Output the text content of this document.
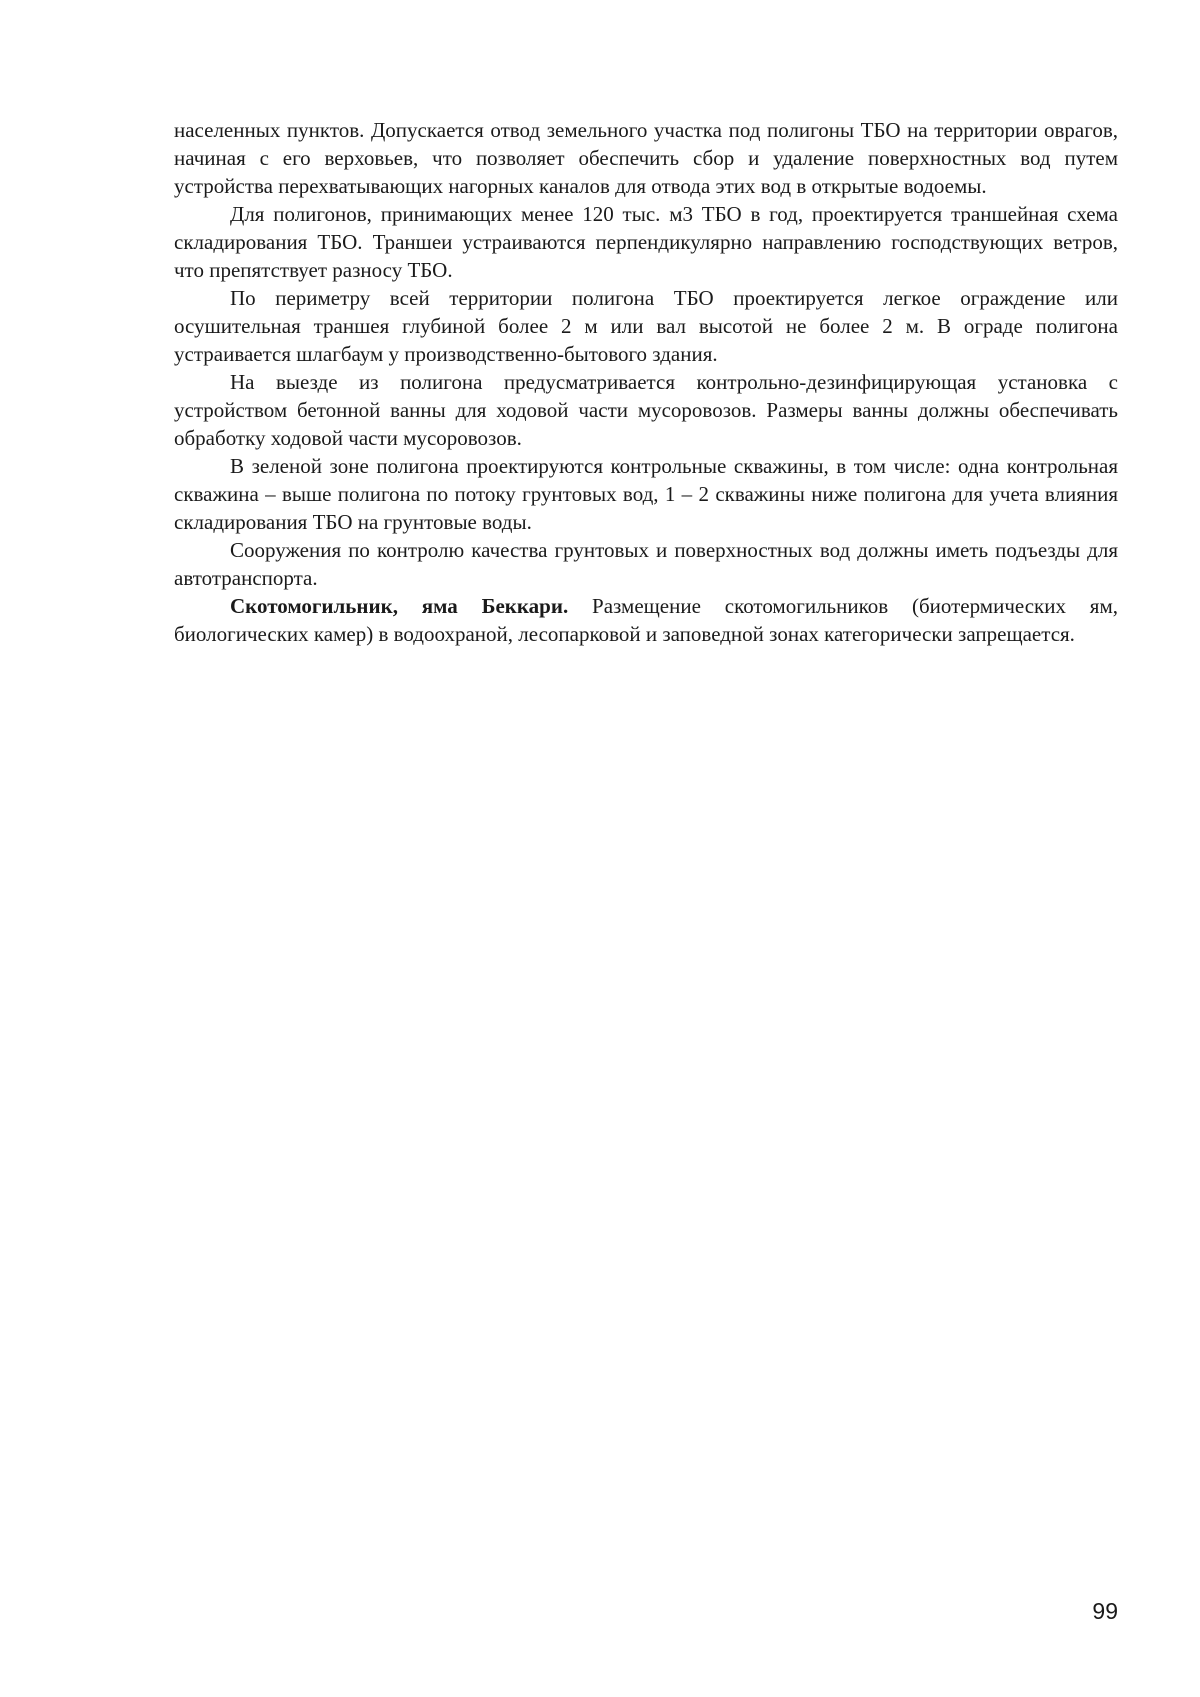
населенных пунктов. Допускается отвод земельного участка под полигоны ТБО на территории оврагов, начиная с его верховьев, что позволяет обеспечить сбор и удаление поверхностных вод путем устройства перехватывающих нагорных каналов для отвода этих вод в открытые водоемы.

Для полигонов, принимающих менее 120 тыс. м3 ТБО в год, проектируется траншейная схема складирования ТБО. Траншеи устраиваются перпендикулярно направлению господствующих ветров, что препятствует разносу ТБО.

По периметру всей территории полигона ТБО проектируется легкое ограждение или осушительная траншея глубиной более 2 м или вал высотой не более 2 м. В ограде полигона устраивается шлагбаум у производственно-бытового здания.

На выезде из полигона предусматривается контрольно-дезинфицирующая установка с устройством бетонной ванны для ходовой части мусоровозов. Размеры ванны должны обеспечивать обработку ходовой части мусоровозов.

В зеленой зоне полигона проектируются контрольные скважины, в том числе: одна контрольная скважина – выше полигона по потоку грунтовых вод, 1 – 2 скважины ниже полигона для учета влияния складирования ТБО на грунтовые воды.

Сооружения по контролю качества грунтовых и поверхностных вод должны иметь подъезды для автотранспорта.

Скотомогильник, яма Беккари. Размещение скотомогильников (биотермических ям, биологических камер) в водоохраной, лесопарковой и заповедной зонах категорически запрещается.

99
